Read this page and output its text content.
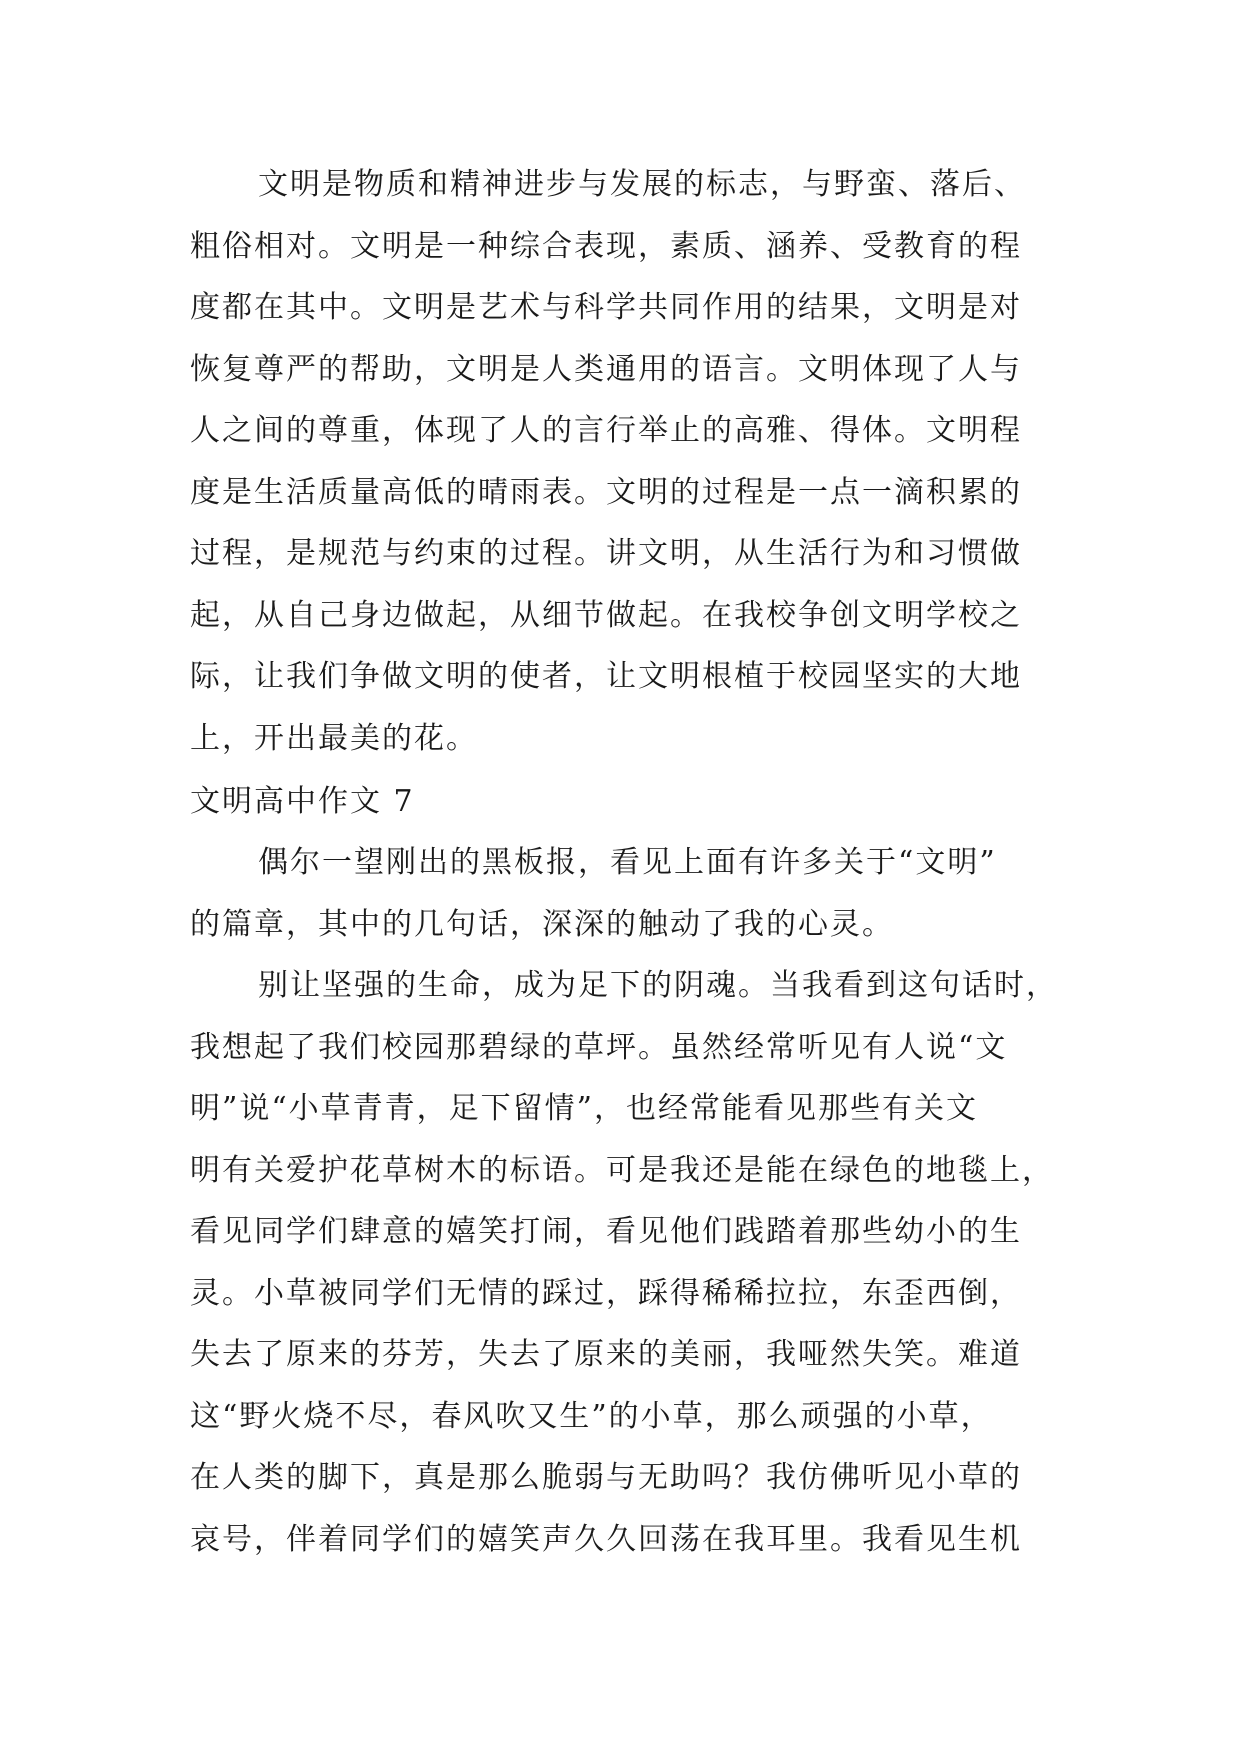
文明是物质和精神进步与发展的标志，与野蛮、落后、
粗俗相对。文明是一种综合表现，素质、涵养、受教育的程
度都在其中。文明是艺术与科学共同作用的结果，文明是对
恢复尊严的帮助，文明是人类通用的语言。文明体现了人与
人之间的尊重，体现了人的言行举止的高雅、得体。文明程
度是生活质量高低的晴雨表。文明的过程是一点一滴积累的
过程，是规范与约束的过程。讲文明，从生活行为和习惯做
起，从自己身边做起，从细节做起。在我校争创文明学校之
际，让我们争做文明的使者，让文明根植于校园坚实的大地
上，开出最美的花。
文明高中作文 7
偶尔一望刚出的黑板报，看见上面有许多关于“文明”
的篇章，其中的几句话，深深的触动了我的心灵。
别让坚强的生命，成为足下的阴魂。当我看到这句话时，
我想起了我们校园那碧绿的草坪。虽然经常听见有人说“文
明”说“小草青青，足下留情”，也经常能看见那些有关文
明有关爱护花草树木的标语。可是我还是能在绿色的地毯上，
看见同学们肆意的嬉笑打闹，看见他们践踏着那些幼小的生
灵。小草被同学们无情的踩过，踩得稀稀拉拉，东歪西倒，
失去了原来的芬芳，失去了原来的美丽，我哑然失笑。难道
这“野火烧不尽，春风吹又生”的小草，那么顽强的小草，
在人类的脚下，真是那么脆弱与无助吗？我仿佛听见小草的
哀号，伴着同学们的嬉笑声久久回荡在我耳里。我看见生机
